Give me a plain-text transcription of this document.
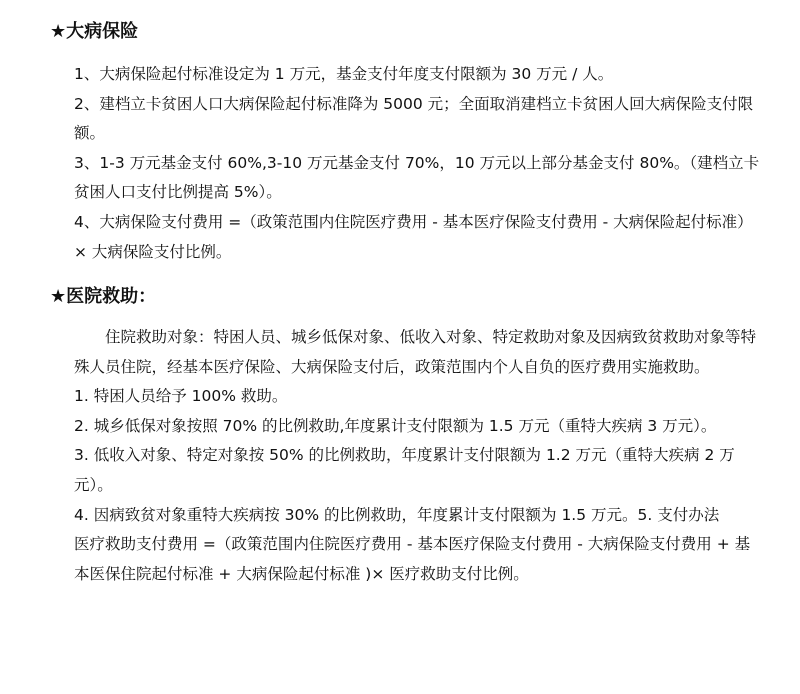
★大病保险

1、大病保险起付标准设定为 1 万元，基金支付年度支付限额为 30 万元 / 人。

2、建档立卡贫困人口大病保险起付标准降为 5000 元；全面取消建档立卡贫困人回大病保险支付限额。

3、1-3 万元基金支付 60%,3-10 万元基金支付 70%，10 万元以上部分基金支付 80%。（建档立卡贫困人口支付比例提高 5%）。

4、大病保险支付费用 =（政策范围内住院医疗费用 - 基本医疗保险支付费用 - 大病保险起付标准）× 大病保险支付比例。

★医院救助：

住院救助对象：特困人员、城乡低保对象、低收入对象、特定救助对象及因病致贫救助对象等特殊人员住院，经基本医疗保险、大病保险支付后，政策范围内个人自负的医疗费用实施救助。

1. 特困人员给予 100% 救助。

2. 城乡低保对象按照 70% 的比例救助,年度累计支付限额为 1.5 万元（重特大疾病 3 万元）。

3. 低收入对象、特定对象按 50% 的比例救助，年度累计支付限额为 1.2 万元（重特大疾病 2 万元）。

4. 因病致贫对象重特大疾病按 30% 的比例救助，年度累计支付限额为 1.5 万元。5. 支付办法

医疗救助支付费用 =（政策范围内住院医疗费用 - 基本医疗保险支付费用 - 大病保险支付费用 + 基本医保住院起付标准 + 大病保险起付标准 )× 医疗救助支付比例。
